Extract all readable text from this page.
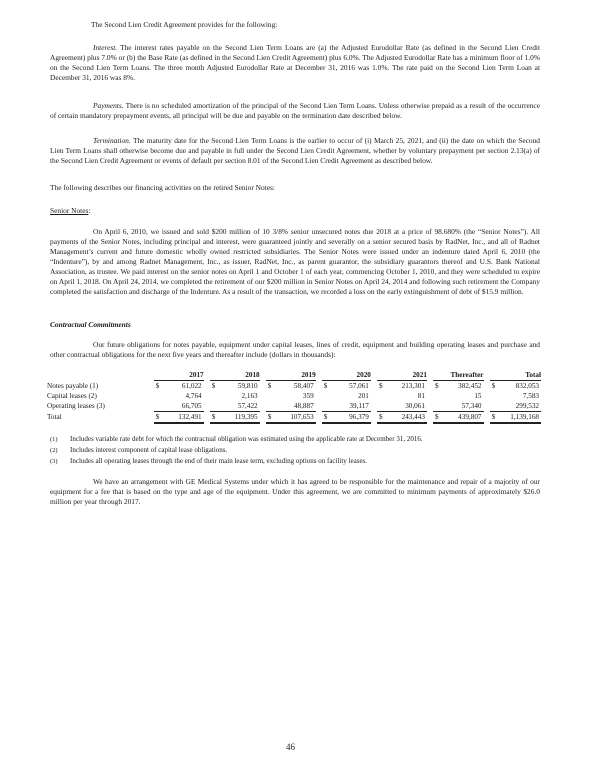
The Second Lien Credit Agreement provides for the following:

Interest. The interest rates payable on the Second Lien Term Loans are (a) the Adjusted Eurodollar Rate (as defined in the Second Lien Credit Agreement) plus 7.0% or (b) the Base Rate (as defined in the Second Lien Credit Agreement) plus 6.0%. The Adjusted Eurodollar Rate has a minimum floor of 1.0% on the Second Lien Term Loans. The three month Adjusted Eurodollar Rate at December 31, 2016 was 1.0%. The rate paid on the Second Lien Term Loan at December 31, 2016 was 8%.

Payments. There is no scheduled amortization of the principal of the Second Lien Term Loans. Unless otherwise prepaid as a result of the occurrence of certain mandatory prepayment events, all principal will be due and payable on the termination date described below.

Termination. The maturity date for the Second Lien Term Loans is the earlier to occur of (i) March 25, 2021, and (ii) the date on which the Second Lien Term Loans shall otherwise become due and payable in full under the Second Lien Credit Agreement, whether by voluntary prepayment per section 2.13(a) of the Second Lien Credit Agreement or events of default per section 8.01 of the Second Lien Credit Agreement as described below.

The following describes our financing activities on the retired Senior Notes:

Senior Notes:

On April 6, 2010, we issued and sold $200 million of 10 3/8% senior unsecured notes due 2018 at a price of 98.680% (the “Senior Notes”). All payments of the Senior Notes, including principal and interest, were guaranteed jointly and severally on a senior secured basis by RadNet, Inc., and all of Radnet Management’s current and future domestic wholly owned restricted subsidiaries. The Senior Notes were issued under an indenture dated April 6, 2010 (the “Indenture”), by and among Radnet Management, Inc., as issuer, RadNet, Inc., as parent guarantor, the subsidiary guarantors thereof and U.S. Bank National Association, as trustee. We paid interest on the senior notes on April 1 and October 1 of each year, commencing October 1, 2010, and they were scheduled to expire on April 1, 2018. On April 24, 2014, we completed the retirement of our $200 million in Senior Notes on April 24, 2014 and following such retirement the Company completed the satisfaction and discharge of the Indenture. As a result of the transaction, we recorded a loss on the early extinguishment of debt of $15.9 million.

Contractual Commitments

Our future obligations for notes payable, equipment under capital leases, lines of credit, equipment and building operating leases and purchase and other contractual obligations for the next five years and thereafter include (dollars in thousands):

	2017			2018			2019			2020			2021			Thereafter			Total	
Notes payable (1)	$	61,022		$	59,810		$	58,407		$	57,061		$	213,301		$	382,452		$	832,053
Capital leases (2)		4,764			2,163			359			201			81			15			7,583
Operating leases (3)		66,705			57,422			48,887			39,117			30,061			57,340			299,532
Total	$	132,491		$	119,395		$	107,653		$	96,379		$	243,443		$	439,807		$	1,139,168

(1) Includes variable rate debt for which the contractual obligation was estimated using the applicable rate at December 31, 2016.

(2) Includes interest component of capital lease obligations.

(3) Includes all operating leases through the end of their main lease term, excluding options on facility leases.

We have an arrangement with GE Medical Systems under which it has agreed to be responsible for the maintenance and repair of a majority of our equipment for a fee that is based on the type and age of the equipment. Under this agreement, we are committed to minimum payments of approximately $26.0 million per year through 2017.

46
